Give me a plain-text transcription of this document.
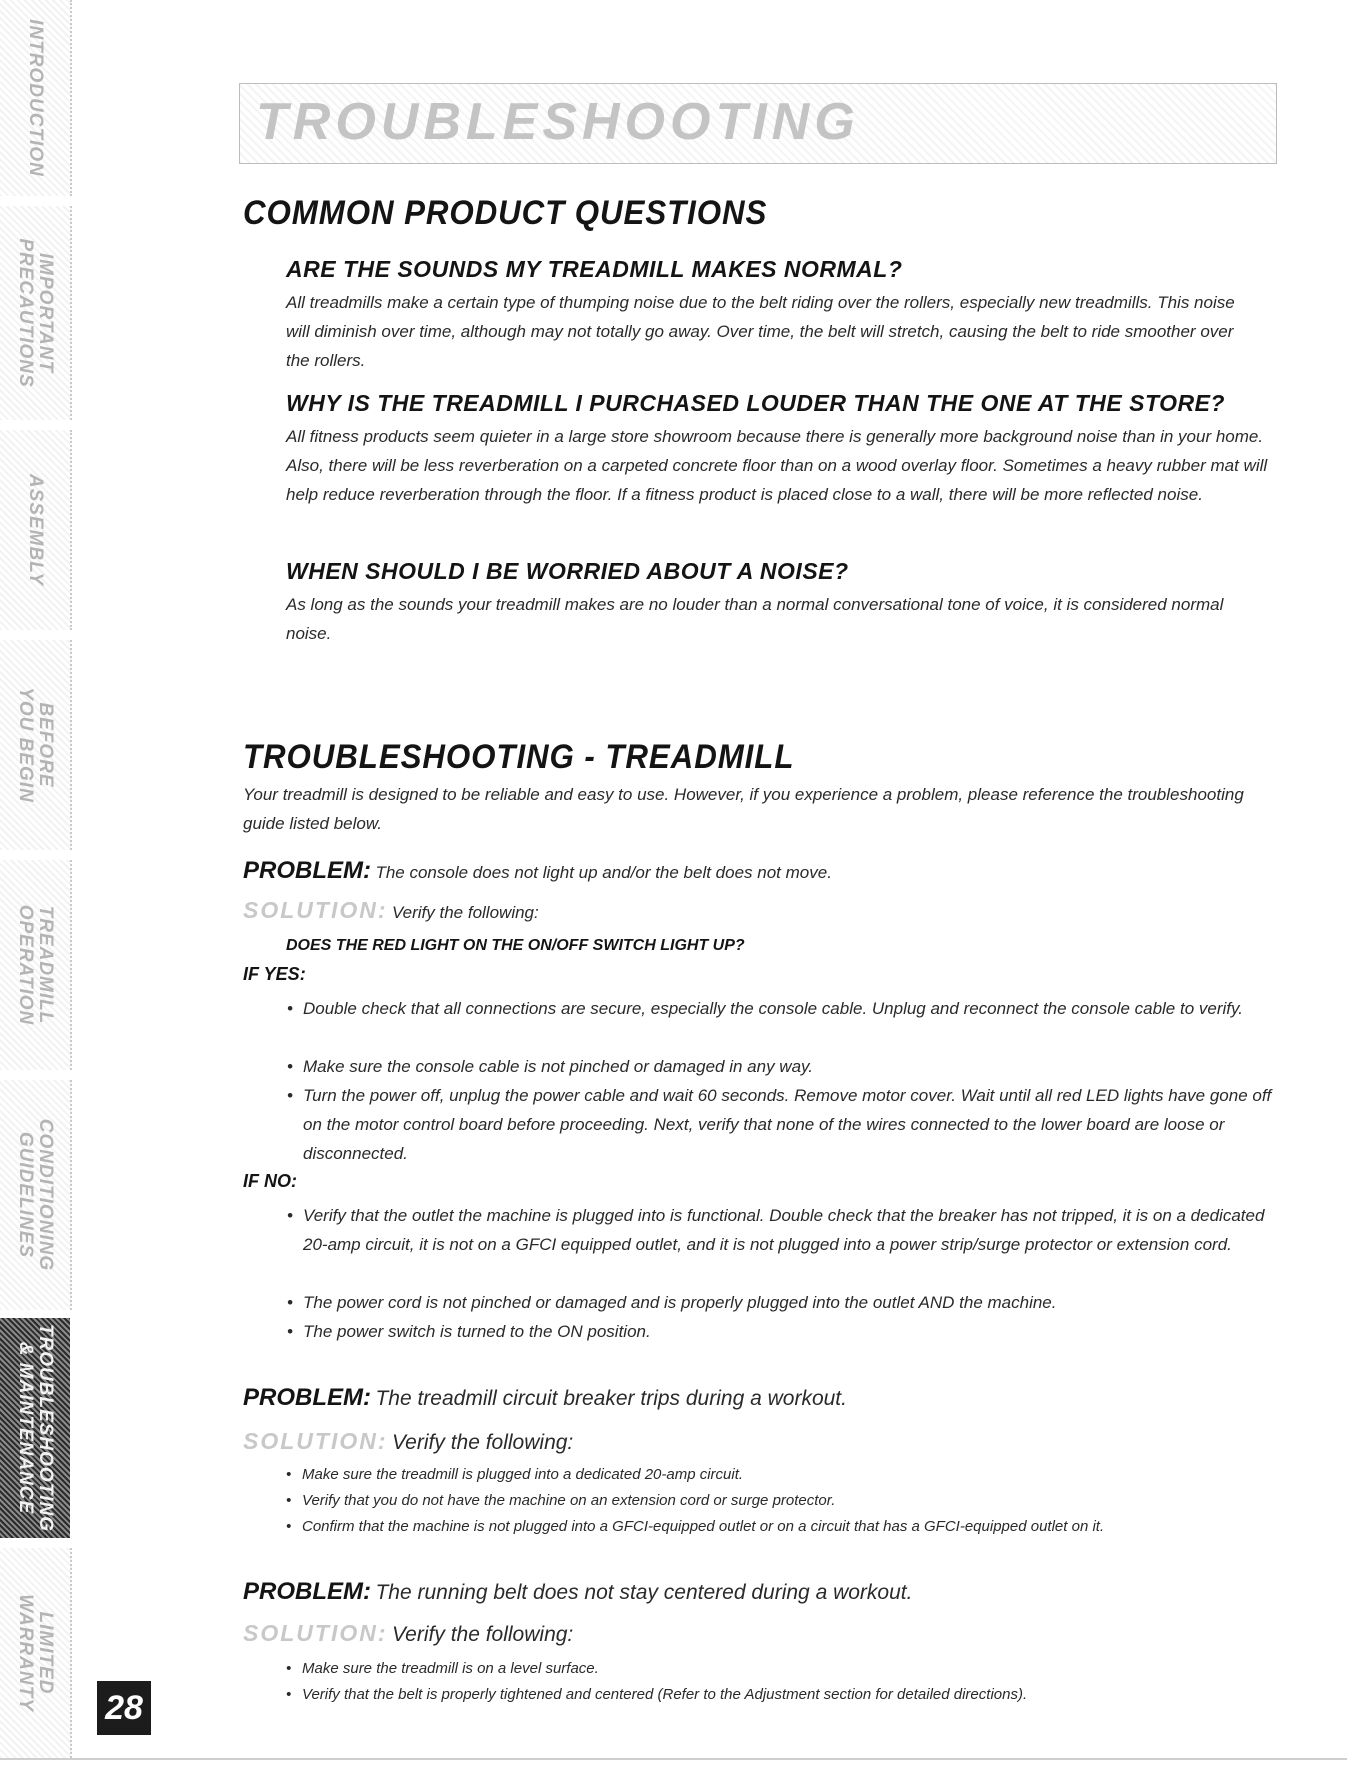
INTRODUCTION
IMPORTANT
PRECAUTIONS
ASSEMBLY
BEFORE
YOU BEGIN
TREADMILL
OPERATION
CONDITIONING
GUIDELINES
TROUBLESHOOTING
& MAINTENANCE
LIMITED
WARRANTY	28
TROUBLESHOOTING
COMMON PRODUCT QUESTIONS
ARE THE SOUNDS MY TREADMILL MAKES NORMAL?
All treadmills make a certain type of thumping noise due to the belt riding over the rollers, especially new treadmills. This noise will diminish over time, although may not totally go away. Over time, the belt will stretch, causing the belt to ride smoother over the rollers.
WHY IS THE TREADMILL I PURCHASED LOUDER THAN THE ONE AT THE STORE?
All fitness products seem quieter in a large store showroom because there is generally more background noise than in your home. Also, there will be less reverberation on a carpeted concrete floor than on a wood overlay floor. Sometimes a heavy rubber mat will help reduce reverberation through the floor. If a fitness product is placed close to a wall, there will be more reflected noise.
WHEN SHOULD I BE WORRIED ABOUT A NOISE?
As long as the sounds your treadmill makes are no louder than a normal conversational tone of voice, it is considered normal noise.
TROUBLESHOOTING - TREADMILL
Your treadmill is designed to be reliable and easy to use. However, if you experience a problem, please reference the troubleshooting guide listed below.
PROBLEM: The console does not light up and/or the belt does not move.
SOLUTION: Verify the following:
DOES THE RED LIGHT ON THE ON/OFF SWITCH LIGHT UP?
IF YES:
• Double check that all connections are secure, especially the console cable. Unplug and reconnect the console cable to verify.
• Make sure the console cable is not pinched or damaged in any way.
• Turn the power off, unplug the power cable and wait 60 seconds. Remove motor cover. Wait until all red LED lights have gone off on the motor control board before proceeding. Next, verify that none of the wires connected to the lower board are loose or disconnected.
IF NO:
• Verify that the outlet the machine is plugged into is functional. Double check that the breaker has not tripped, it is on a dedicated 20-amp circuit, it is not on a GFCI equipped outlet, and it is not plugged into a power strip/surge protector or extension cord.
• The power cord is not pinched or damaged and is properly plugged into the outlet AND the machine.
• The power switch is turned to the ON position.
PROBLEM: The treadmill circuit breaker trips during a workout.
SOLUTION: Verify the following:
• Make sure the treadmill is plugged into a dedicated 20-amp circuit.
• Verify that you do not have the machine on an extension cord or surge protector.
• Confirm that the machine is not plugged into a GFCI-equipped outlet or on a circuit that has a GFCI-equipped outlet on it.
PROBLEM: The running belt does not stay centered during a workout.
SOLUTION: Verify the following:
• Make sure the treadmill is on a level surface.
• Verify that the belt is properly tightened and centered (Refer to the Adjustment section for detailed directions).
